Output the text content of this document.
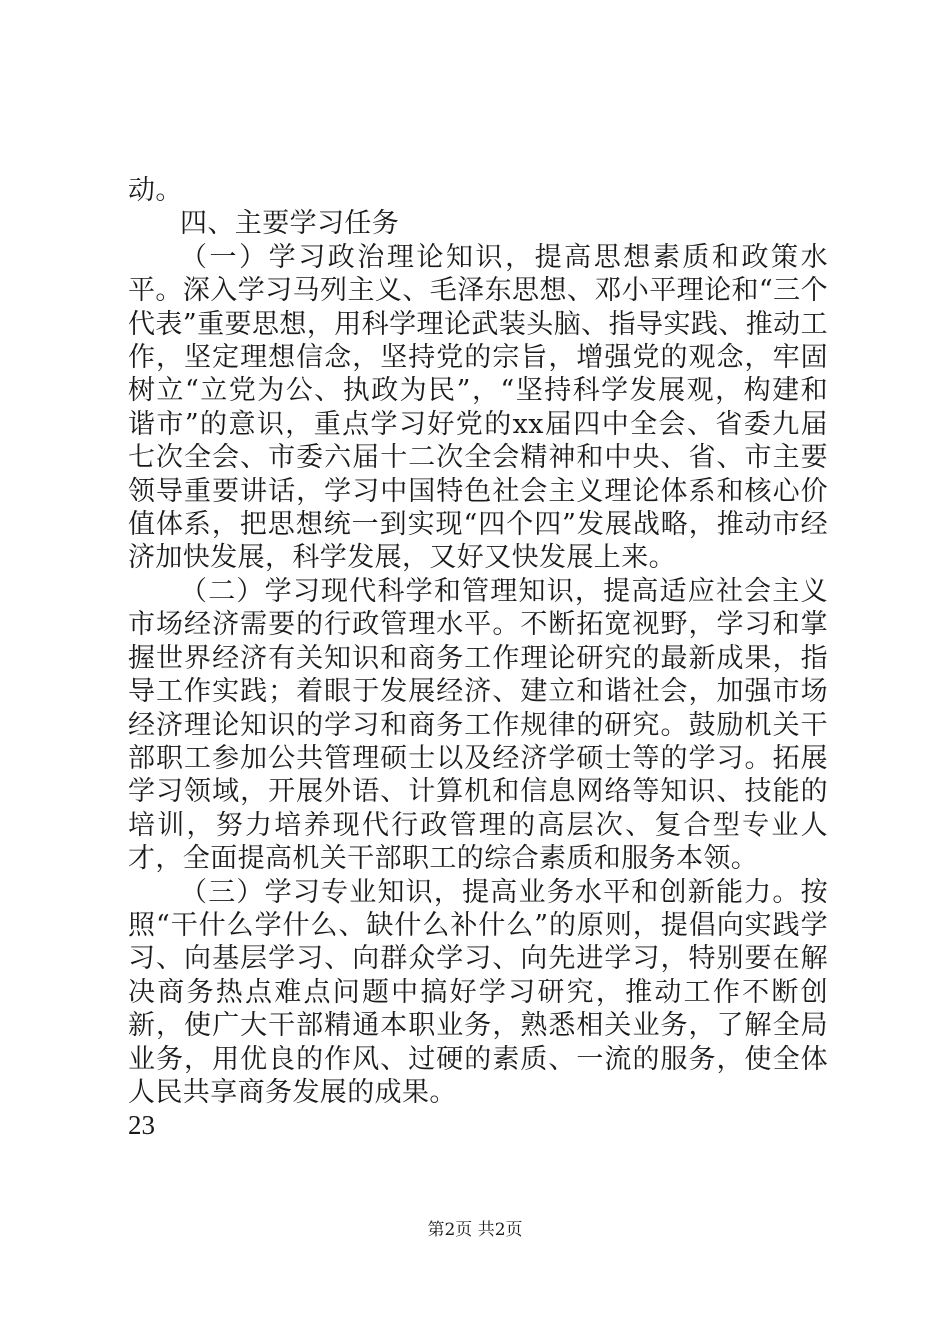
动。

四、主要学习任务

（一）学习政治理论知识，提高思想素质和政策水平。深入学习马列主义、毛泽东思想、邓小平理论和“三个代表”重要思想，用科学理论武装头脑、指导实践、推动工作，坚定理想信念，坚持党的宗旨，增强党的观念，牢固树立“立党为公、执政为民”，“坚持科学发展观，构建和谐市”的意识，重点学习好党的xx届四中全会、省委九届七次全会、市委六届十二次全会精神和中央、省、市主要领导重要讲话，学习中国特色社会主义理论体系和核心价值体系，把思想统一到实现“四个四”发展战略，推动市经济加快发展，科学发展，又好又快发展上来。

（二）学习现代科学和管理知识，提高适应社会主义市场经济需要的行政管理水平。不断拓宽视野，学习和掌握世界经济有关知识和商务工作理论研究的最新成果，指导工作实践；着眼于发展经济、建立和谐社会，加强市场经济理论知识的学习和商务工作规律的研究。鼓励机关干部职工参加公共管理硕士以及经济学硕士等的学习。拓展学习领域，开展外语、计算机和信息网络等知识、技能的培训，努力培养现代行政管理的高层次、复合型专业人才，全面提高机关干部职工的综合素质和服务本领。

（三）学习专业知识，提高业务水平和创新能力。按照“干什么学什么、缺什么补什么”的原则，提倡向实践学习、向基层学习、向群众学习、向先进学习，特别要在解决商务热点难点问题中搞好学习研究，推动工作不断创新，使广大干部精通本职业务，熟悉相关业务，了解全局业务，用优良的作风、过硬的素质、一流的服务，使全体人民共享商务发展的成果。

23
第2页 共2页
